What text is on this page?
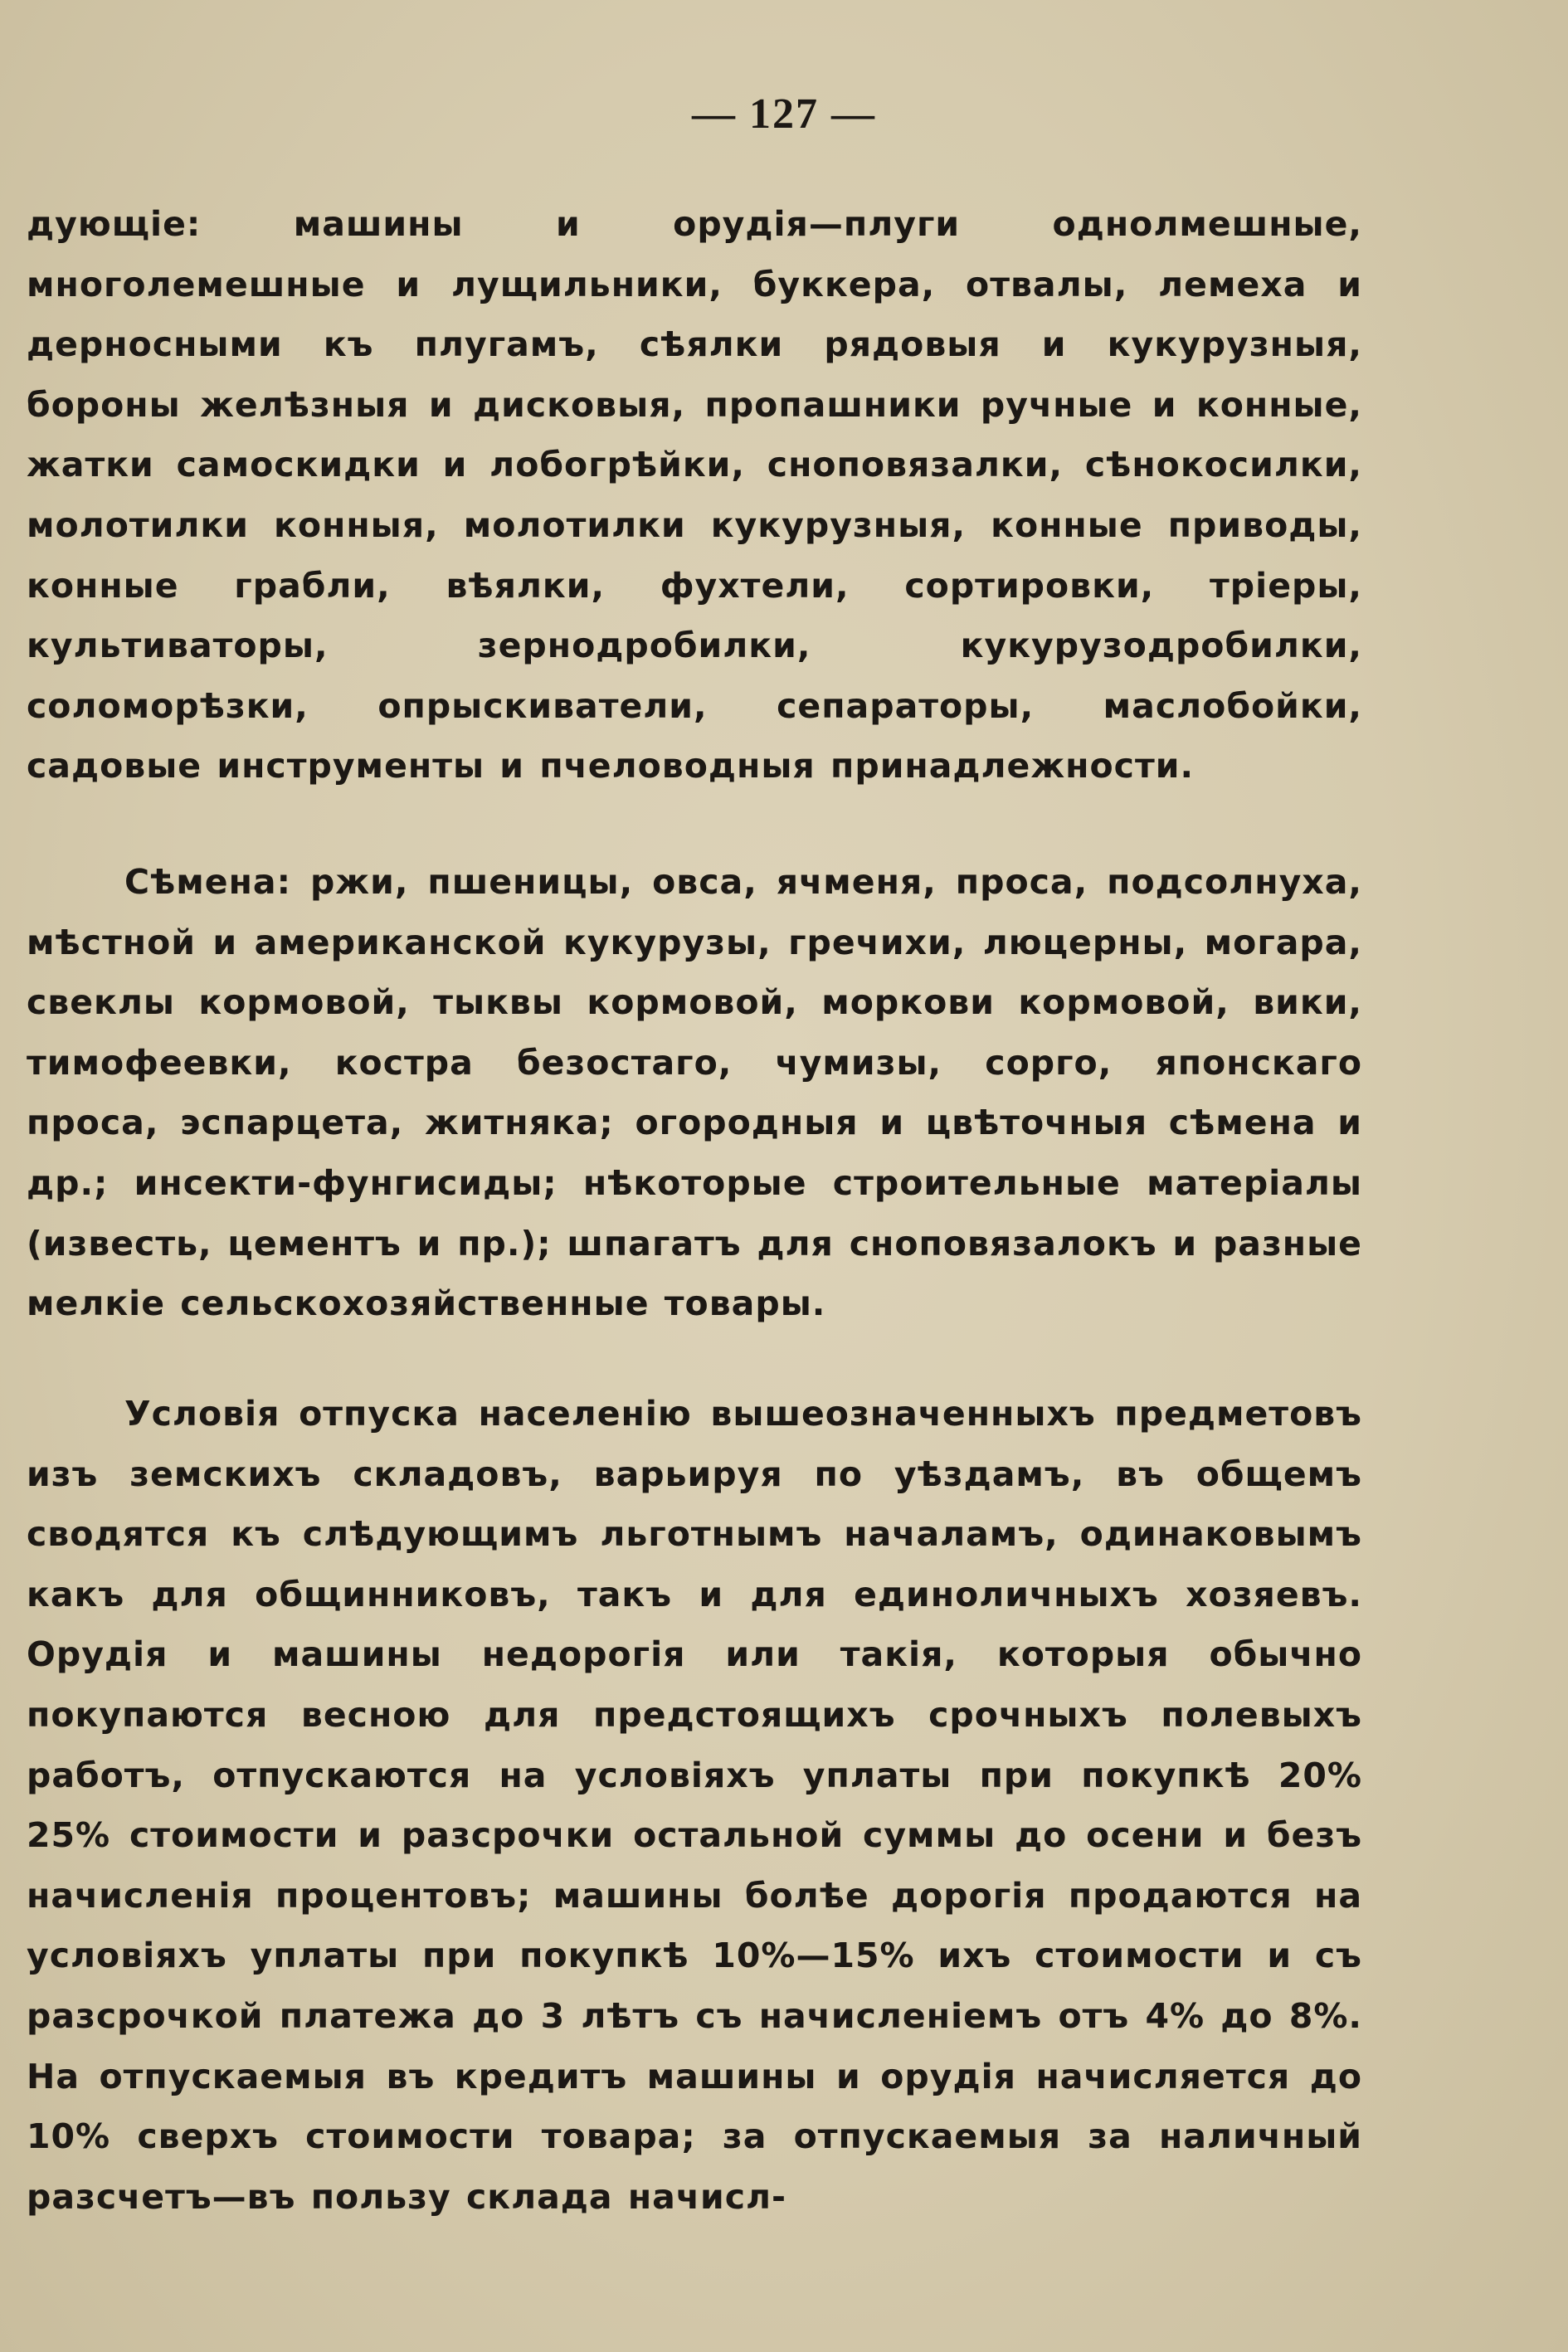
— 127 —

дующіе: машины и орудія—плуги однолмешные, многолемешные и лущильники, буккера, отвалы, лемеха и дерносными къ плугамъ, сѣялки рядовыя и кукурузныя, бороны желѣзныя и дисковыя, пропашники ручные и конные, жатки самоскидки и лобогрѣйки, сноповязалки, сѣнокосилки, молотилки конныя, молотилки кукурузныя, конные приводы, конные грабли, вѣялки, фухтели, сортировки, тріеры, культиваторы, зернодробилки, кукурузодробилки, соломорѣзки, опрыскиватели, сепараторы, маслобойки, садовые инструменты и пчеловодныя принадлежности.

Сѣмена: ржи, пшеницы, овса, ячменя, проса, подсолнуха, мѣстной и американской кукурузы, гречихи, люцерны, могара, свеклы кормовой, тыквы кормовой, моркови кормовой, вики, тимофеевки, костра безостаго, чумизы, сорго, японскаго проса, эспарцета, житняка; огородныя и цвѣточныя сѣмена и др.; инсекти-фунгисиды; нѣкоторые строительные матеріалы (известь, цементъ и пр.); шпагатъ для сноповязалокъ и разные мелкіе сельскохозяйственные товары.

Условія отпуска населенію вышеозначенныхъ предметовъ изъ земскихъ складовъ, варьируя по уѣздамъ, въ общемъ сводятся къ слѣдующимъ льготнымъ началамъ, одинаковымъ какъ для общинниковъ, такъ и для единоличныхъ хозяевъ. Орудія и машины недорогія или такія, которыя обычно покупаются весною для предстоящихъ срочныхъ полевыхъ работъ, отпускаются на условіяхъ уплаты при покупкѣ 20% 25% стоимости и разсрочки остальной суммы до осени и безъ начисленія процентовъ; машины болѣе дорогія продаются на условіяхъ уплаты при покупкѣ 10%—15% ихъ стоимости и съ разсрочкой платежа до 3 лѣтъ съ начисленіемъ отъ 4% до 8%. На отпускаемыя въ кредитъ машины и орудія начисляется до 10% сверхъ стоимости товара; за отпускаемыя за наличный разсчетъ—въ пользу склада начисл-
